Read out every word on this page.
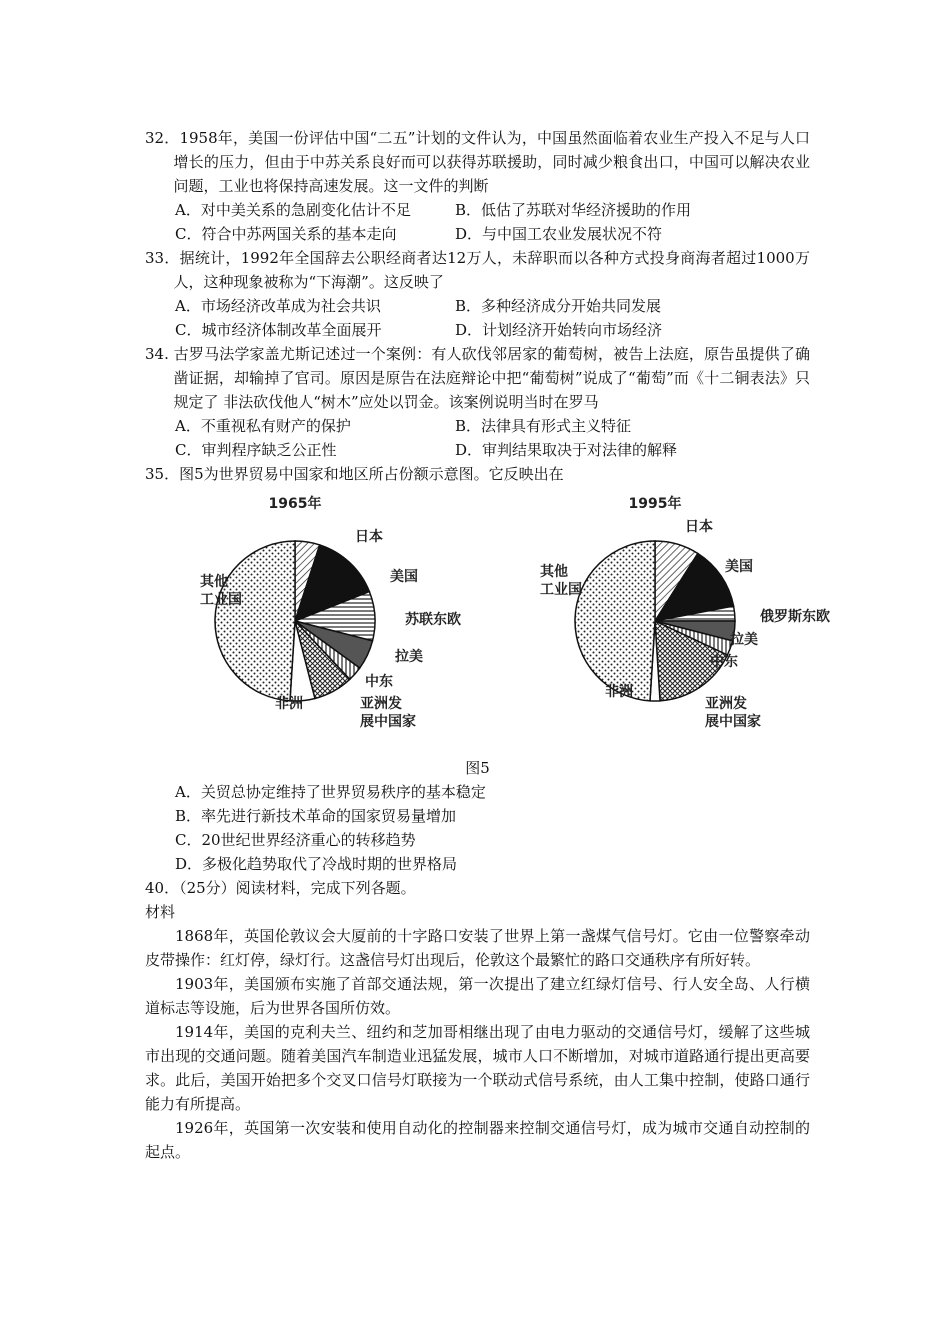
32．1958年，美国一份评估中国“二五”计划的文件认为，中国虽然面临着农业生产投入不足与人口增长的压力，但由于中苏关系良好而可以获得苏联援助，同时减少粮食出口，中国可以解决农业问题，工业也将保持高速发展。这一文件的判断

A．对中美关系的急剧变化估计不足	B．低估了苏联对华经济援助的作用
C．符合中苏两国关系的基本走向	D．与中国工农业发展状况不符

33．据统计，1992年全国辞去公职经商者达12万人，未辞职而以各种方式投身商海者超过1000万人，这种现象被称为“下海潮”。这反映了

A．市场经济改革成为社会共识	B．多种经济成分开始共同发展
C．城市经济体制改革全面展开	D．计划经济开始转向市场经济

34. 古罗马法学家盖尤斯记述过一个案例：有人砍伐邻居家的葡萄树，被告上法庭，原告虽提供了确凿证据，却输掉了官司。原因是原告在法庭辩论中把“葡萄树”说成了“葡萄”而《十二铜表法》只规定了 非法砍伐他人“树木”应处以罚金。该案例说明当时在罗马

A．不重视私有财产的保护	B．法律具有形式主义特征
C．审判程序缺乏公正性	D．审判结果取决于对法律的解释

35．图5为世界贸易中国家和地区所占份额示意图。它反映出在

1965年
日本
美国
苏联东欧
拉美
中东
亚洲发展中国家
非洲
其他工业国
1995年
日本
美国
俄罗斯东欧
拉美
中东
亚洲发展中国家
非洲
其他工业国

图5

A．关贸总协定维持了世界贸易秩序的基本稳定
B．率先进行新技术革命的国家贸易量增加
C．20世纪世界经济重心的转移趋势
D．多极化趋势取代了冷战时期的世界格局

40．（25分）阅读材料，完成下列各题。

材料

1868年，英国伦敦议会大厦前的十字路口安装了世界上第一盏煤气信号灯。它由一位警察牵动皮带操作：红灯停，绿灯行。这盏信号灯出现后，伦敦这个最繁忙的路口交通秩序有所好转。

1903年，美国颁布实施了首部交通法规，第一次提出了建立红绿灯信号、行人安全岛、人行横道标志等设施，后为世界各国所仿效。

1914年，美国的克利夫兰、纽约和芝加哥相继出现了由电力驱动的交通信号灯，缓解了这些城市出现的交通问题。随着美国汽车制造业迅猛发展，城市人口不断增加，对城市道路通行提出更高要求。此后，美国开始把多个交叉口信号灯联接为一个联动式信号系统，由人工集中控制，使路口通行能力有所提高。

1926年，英国第一次安装和使用自动化的控制器来控制交通信号灯，成为城市交通自动控制的起点。
